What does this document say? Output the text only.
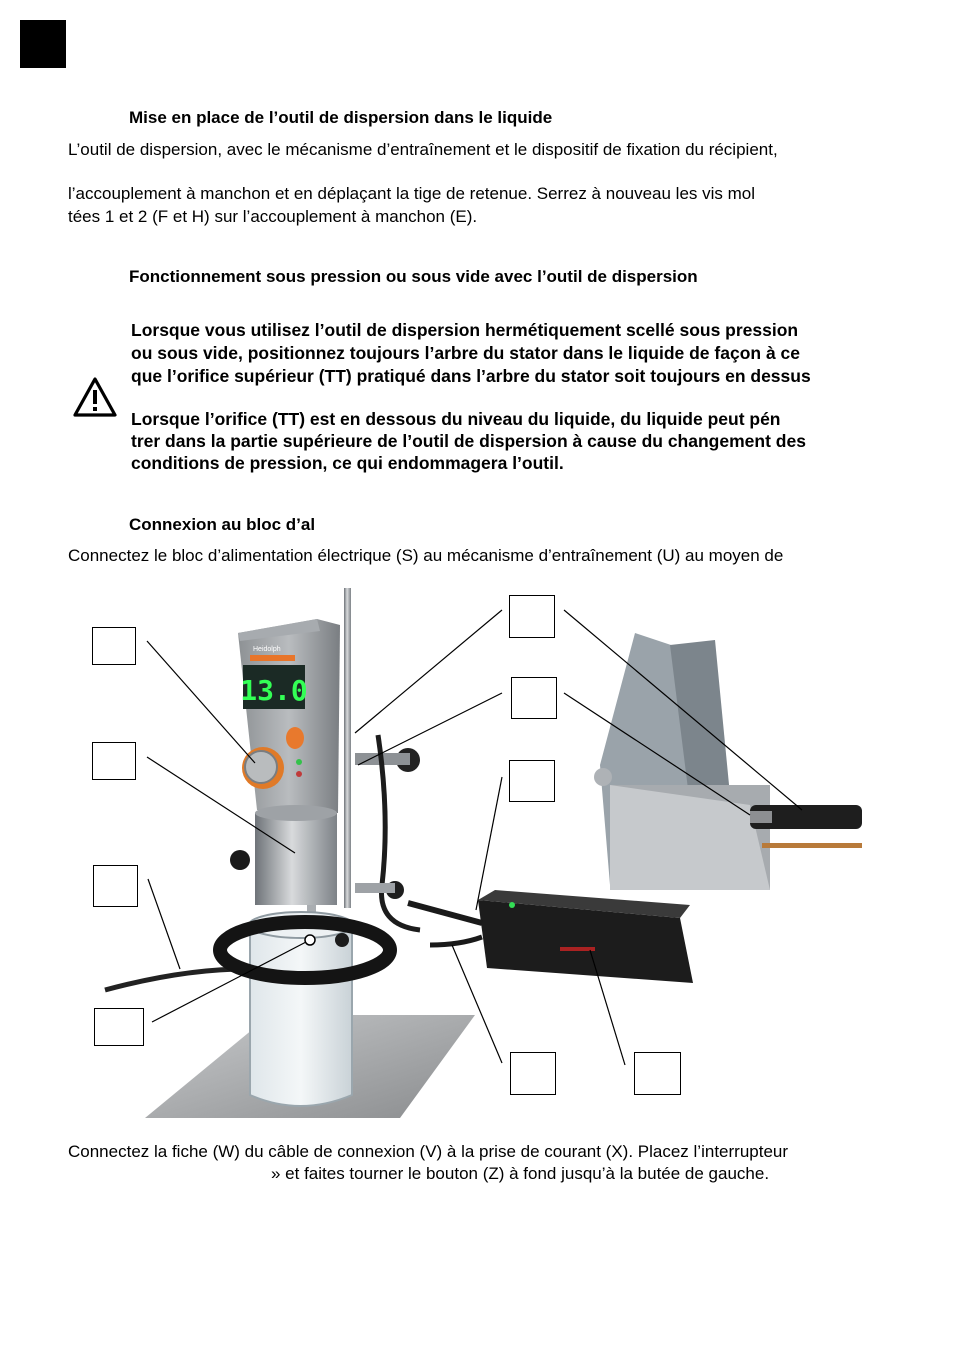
Mise en place de l’outil de dispersion dans le liquide
L’outil de dispersion, avec le mécanisme d’entraînement et le dispositif de fixation du récipient,
l’accouplement à manchon et en déplaçant la tige de retenue. Serrez à nouveau les vis mol
tées 1 et 2 (F et H) sur l’accouplement à manchon (E).
Fonctionnement sous pression ou sous vide avec l’outil de dispersion
Lorsque vous utilisez l’outil de dispersion hermétiquement scellé sous pression
ou sous vide, positionnez toujours l’arbre du stator dans le liquide de façon à ce
que l’orifice supérieur (TT) pratiqué dans l’arbre du stator soit toujours en dessus
Lorsque l’orifice (TT) est en dessous du niveau du liquide, du liquide peut pén
trer dans la partie supérieure de l’outil de dispersion à cause du changement des
conditions de pression, ce qui endommagera l’outil.
Connexion au bloc d’al
Connectez le bloc d’alimentation électrique (S) au mécanisme d’entraînement (U) au moyen de
13.0
Heidolph
Connectez la fiche (W) du câble de connexion (V) à la prise de courant (X). Placez l’interrupteur
» et faites tourner le bouton (Z) à fond jusqu’à la butée de gauche.
